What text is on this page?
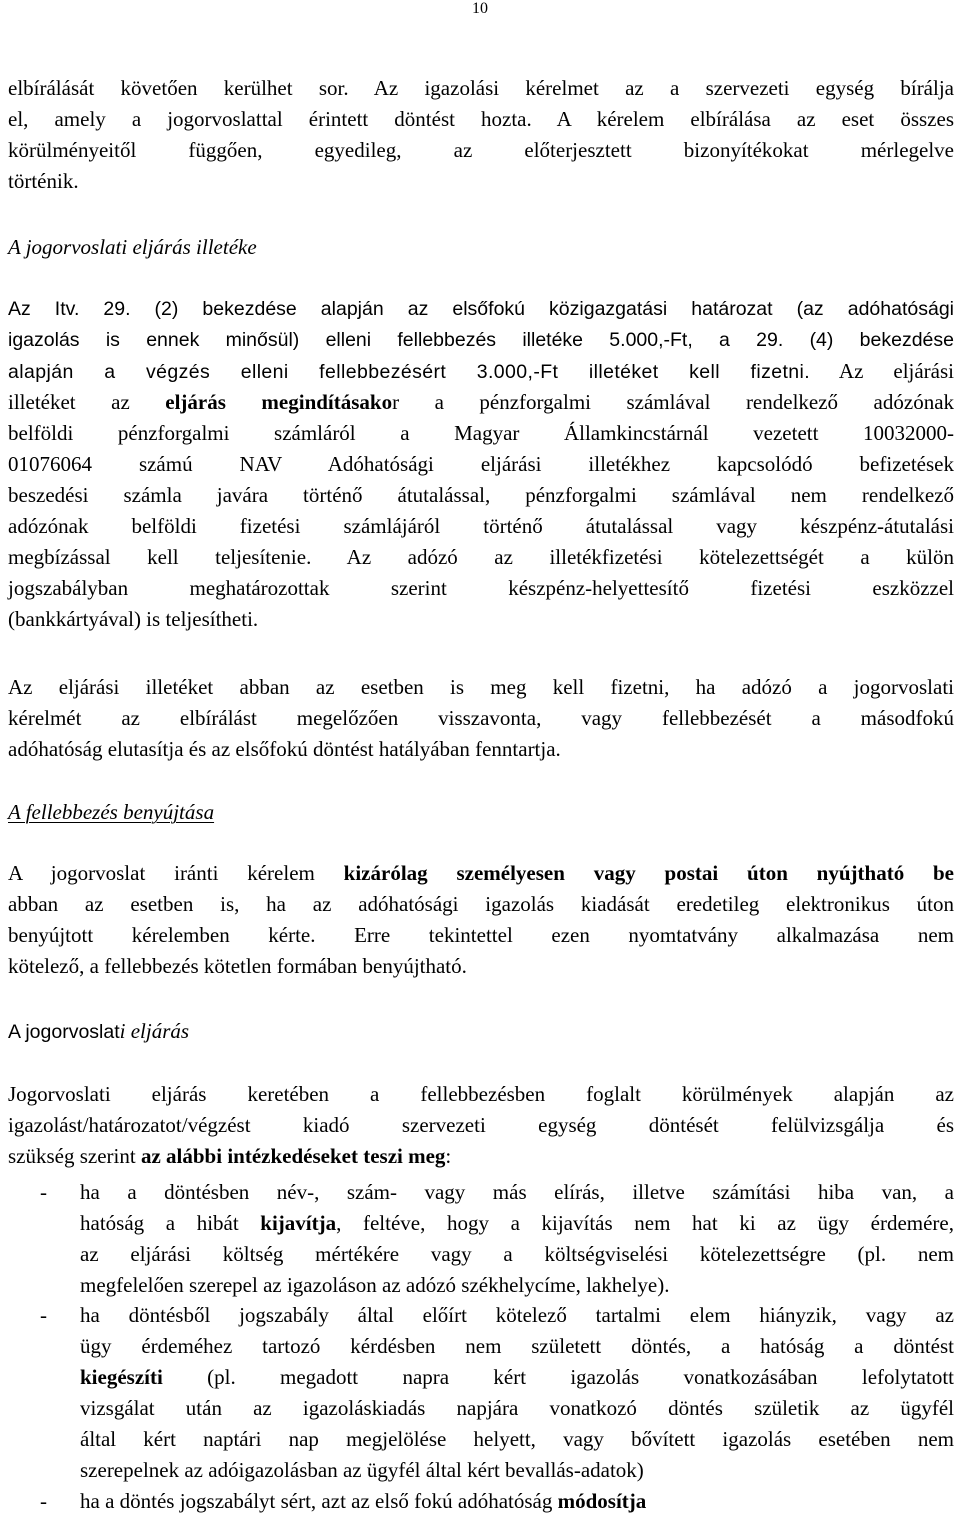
10
elbírálását követően kerülhet sor. Az igazolási kérelmet az a szervezeti egység bírálja
el, amely a jogorvoslattal érintett döntést hozta. A kérelem elbírálása az eset összes
körülményeitől függően, egyedileg, az előterjesztett bizonyítékokat mérlegelve
történik.
A jogorvoslati eljárás illetéke
Az Itv. 29. (2) bekezdése alapján az elsőfokú közigazgatási határozat (az adóhatósági
igazolás is ennek minősül) elleni fellebbezés illetéke 5.000,-Ft, a 29. (4) bekezdése
alapján a végzés elleni fellebbezésért 3.000,-Ft illetéket kell fizetni. Az eljárási
illetéket az eljárás megindításakor a pénzforgalmi számlával rendelkező adózónak
belföldi pénzforgalmi számláról a Magyar Államkincstárnál vezetett 10032000-
01076064 számú NAV Adóhatósági eljárási illetékhez kapcsolódó befizetések
beszedési számla javára történő átutalással, pénzforgalmi számlával nem rendelkező
adózónak belföldi fizetési számlájáról történő átutalással vagy készpénz-átutalási
megbízással kell teljesítenie. Az adózó az illetékfizetési kötelezettségét a külön
jogszabályban meghatározottak szerint készpénz-helyettesítő fizetési eszközzel
(bankkártyával) is teljesítheti.
Az eljárási illetéket abban az esetben is meg kell fizetni, ha adózó a jogorvoslati
kérelmét az elbírálást megelőzően visszavonta, vagy fellebbezését a másodfokú
adóhatóság elutasítja és az elsőfokú döntést hatályában fenntartja.
A fellebbezés benyújtása
A jogorvoslat iránti kérelem kizárólag személyesen vagy postai úton nyújtható be
abban az esetben is, ha az adóhatósági igazolás kiadását eredetileg elektronikus úton
benyújtott kérelemben kérte. Erre tekintettel ezen nyomtatvány alkalmazása nem
kötelező, a fellebbezés kötetlen formában benyújtható.
A jogorvoslati eljárás
Jogorvoslati eljárás keretében a fellebbezésben foglalt körülmények alapján az
igazolást/határozatot/végzést kiadó szervezeti egység döntését felülvizsgálja és
szükség szerint az alábbi intézkedéseket teszi meg:
- ha a döntésben név-, szám- vagy más elírás, illetve számítási hiba van, a
hatóság a hibát kijavítja, feltéve, hogy a kijavítás nem hat ki az ügy érdemére,
az eljárási költség mértékére vagy a költségviselési kötelezettségre (pl. nem
megfelelően szerepel az igazoláson az adózó székhelycíme, lakhelye).
- ha döntésből jogszabály által előírt kötelező tartalmi elem hiányzik, vagy az
ügy érdeméhez tartozó kérdésben nem született döntés, a hatóság a döntést
kiegészíti (pl. megadott napra kért igazolás vonatkozásában lefolytatott
vizsgálat után az igazoláskiadás napjára vonatkozó döntés születik az ügyfél
által kért naptári nap megjelölése helyett, vagy bővített igazolás esetében nem
szerepelnek az adóigazolásban az ügyfél által kért bevallás-adatok)
- ha a döntés jogszabályt sért, azt az első fokú adóhatóság módosítja
